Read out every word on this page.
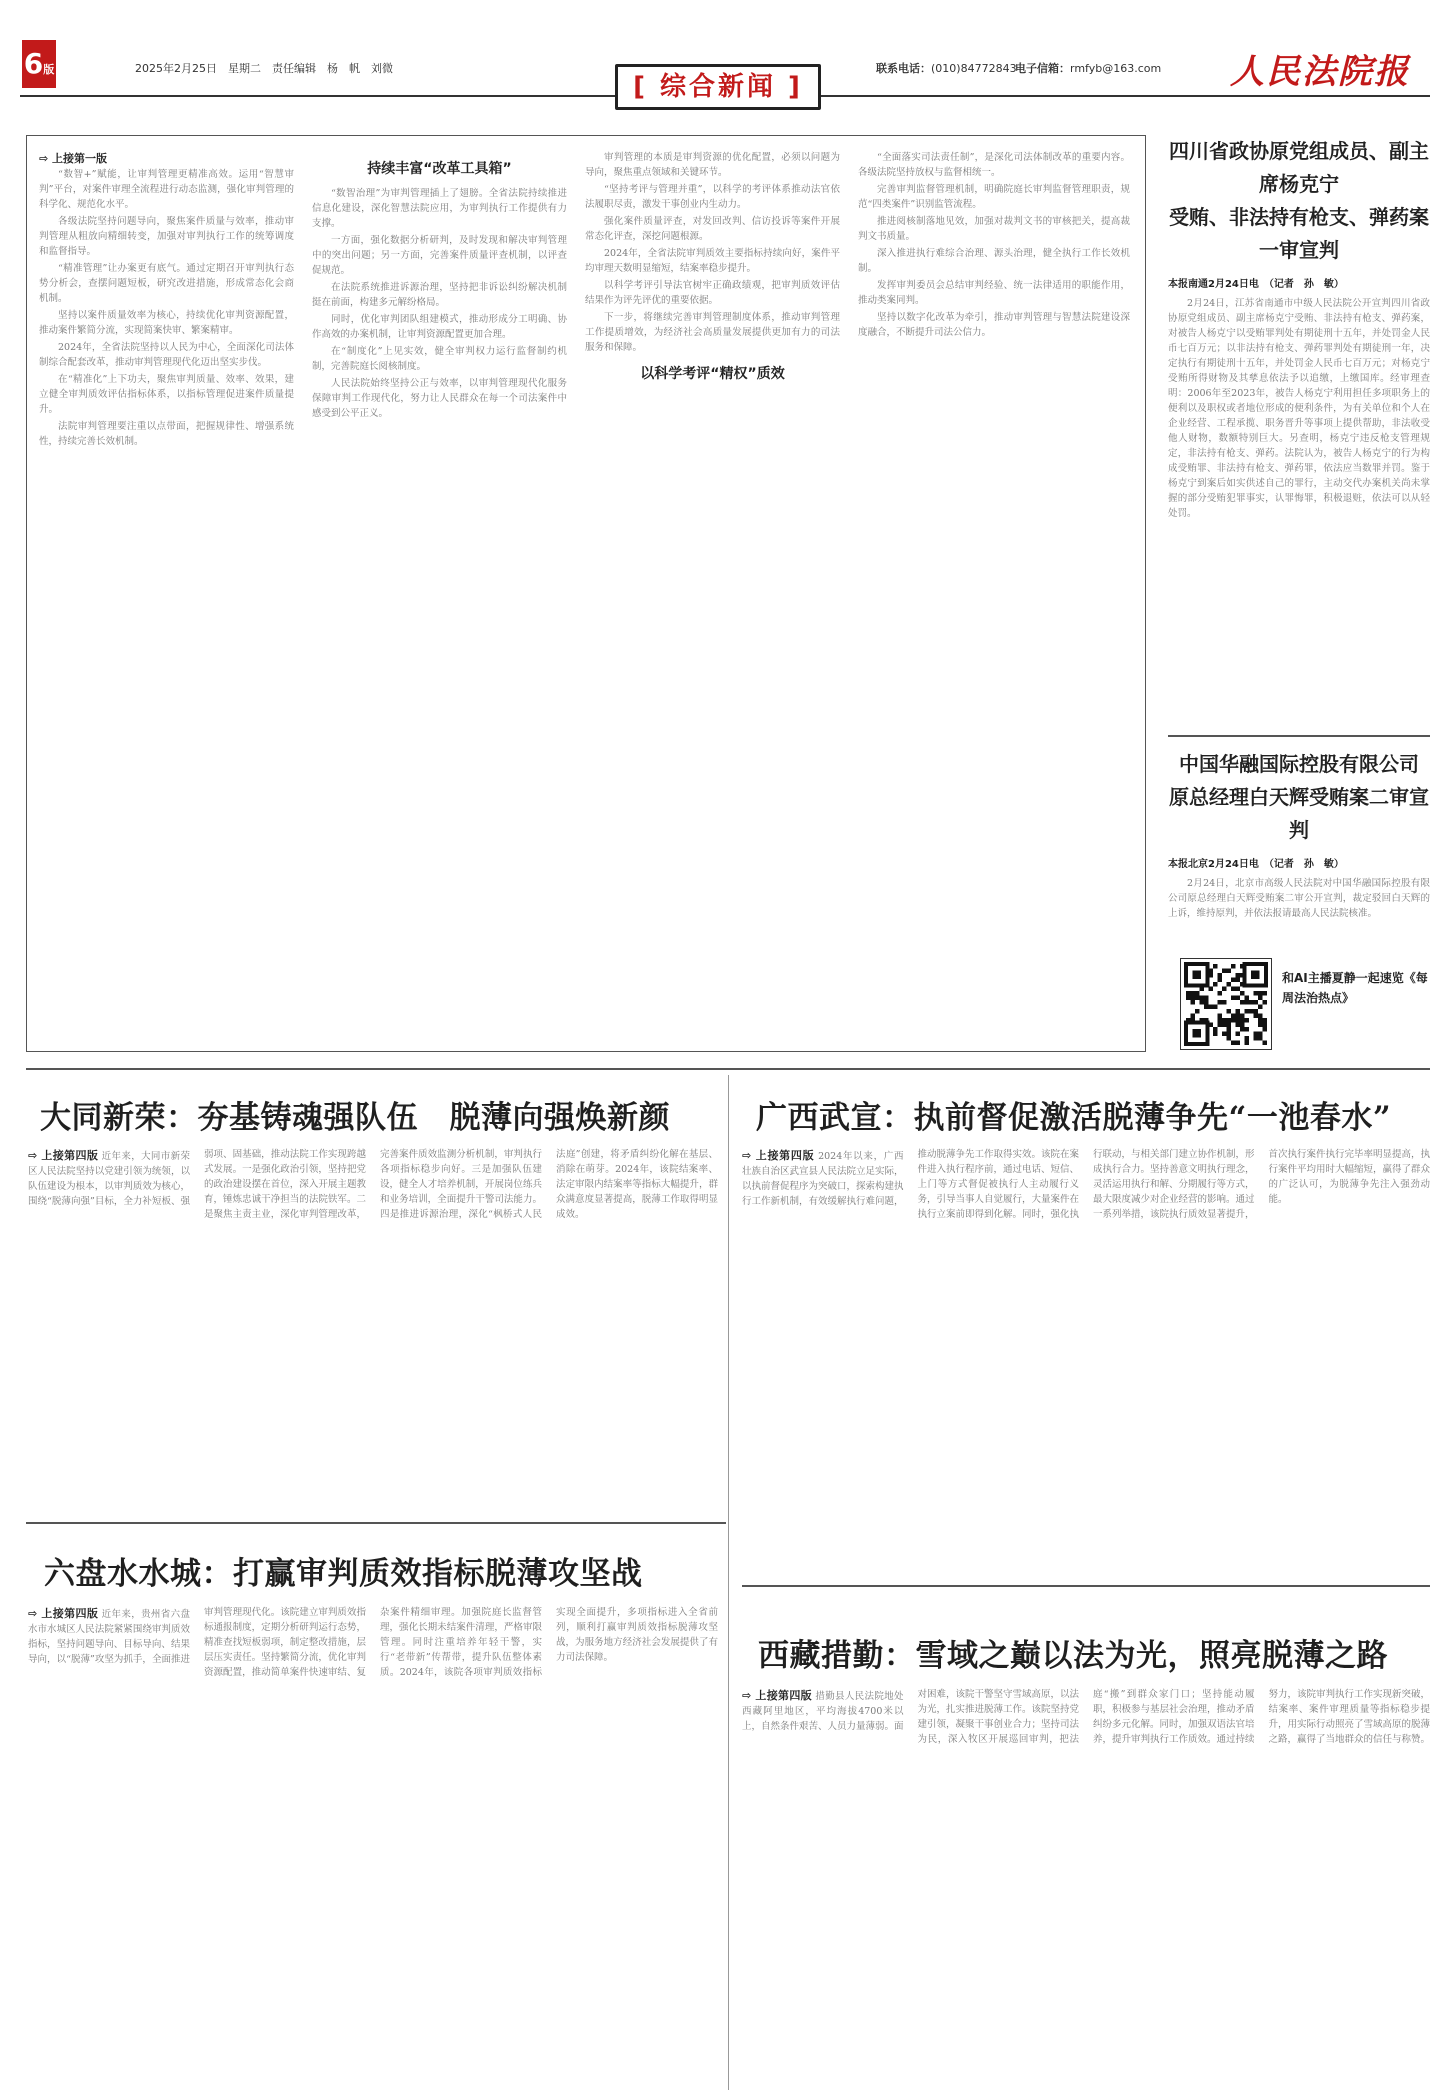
6版	2025年2月25日　星期二　责任编辑　杨　帆　刘微	联系电话：(010)84772843
电子信箱：rmfyb@163.com
[ 综合新闻 ]	人民法院报
⇨ 上接第一版

“数智+”赋能，让审判管理更精准高效。运用“智慧审判”平台，对案件审理全流程进行动态监测，强化审判管理的科学化、规范化水平。

各级法院坚持问题导向，聚焦案件质量与效率，推动审判管理从粗放向精细转变，加强对审判执行工作的统筹调度和监督指导。

“精准管理”让办案更有底气。通过定期召开审判执行态势分析会，查摆问题短板，研究改进措施，形成常态化会商机制。

坚持以案件质量效率为核心，持续优化审判资源配置，推动案件繁简分流，实现简案快审、繁案精审。

2024年，全省法院坚持以人民为中心，全面深化司法体制综合配套改革，推动审判管理现代化迈出坚实步伐。

在“精准化”上下功夫，聚焦审判质量、效率、效果，建立健全审判质效评估指标体系，以指标管理促进案件质量提升。

法院审判管理要注重以点带面，把握规律性、增强系统性，持续完善长效机制。

持续丰富“改革工具箱”

“数智治理”为审判管理插上了翅膀。全省法院持续推进信息化建设，深化智慧法院应用，为审判执行工作提供有力支撑。

一方面，强化数据分析研判，及时发现和解决审判管理中的突出问题；另一方面，完善案件质量评查机制，以评查促规范。

在法院系统推进诉源治理，坚持把非诉讼纠纷解决机制挺在前面，构建多元解纷格局。

同时，优化审判团队组建模式，推动形成分工明确、协作高效的办案机制，让审判资源配置更加合理。

在“制度化”上见实效，健全审判权力运行监督制约机制，完善院庭长阅核制度。

人民法院始终坚持公正与效率，以审判管理现代化服务保障审判工作现代化，努力让人民群众在每一个司法案件中感受到公平正义。

审判管理的本质是审判资源的优化配置，必须以问题为导向，聚焦重点领域和关键环节。

“坚持考评与管理并重”，以科学的考评体系推动法官依法履职尽责，激发干事创业内生动力。

强化案件质量评查，对发回改判、信访投诉等案件开展常态化评查，深挖问题根源。

2024年，全省法院审判质效主要指标持续向好，案件平均审理天数明显缩短，结案率稳步提升。

以科学考评引导法官树牢正确政绩观，把审判质效评估结果作为评先评优的重要依据。

下一步，将继续完善审判管理制度体系，推动审判管理工作提质增效，为经济社会高质量发展提供更加有力的司法服务和保障。

以科学考评“精权”质效

“全面落实司法责任制”，是深化司法体制改革的重要内容。各级法院坚持放权与监督相统一。

完善审判监督管理机制，明确院庭长审判监督管理职责，规范“四类案件”识别监管流程。

推进阅核制落地见效，加强对裁判文书的审核把关，提高裁判文书质量。

深入推进执行难综合治理、源头治理，健全执行工作长效机制。

发挥审判委员会总结审判经验、统一法律适用的职能作用，推动类案同判。

坚持以数字化改革为牵引，推动审判管理与智慧法院建设深度融合，不断提升司法公信力。

四川省政协原党组成员、副主席杨克宁
受贿、非法持有枪支、弹药案一审宣判
本报南通2月24日电　（记者　孙　敏）

2月24日，江苏省南通市中级人民法院公开宣判四川省政协原党组成员、副主席杨克宁受贿、非法持有枪支、弹药案，对被告人杨克宁以受贿罪判处有期徒刑十五年，并处罚金人民币七百万元；以非法持有枪支、弹药罪判处有期徒刑一年，决定执行有期徒刑十五年，并处罚金人民币七百万元；对杨克宁受贿所得财物及其孳息依法予以追缴，上缴国库。经审理查明：2006年至2023年，被告人杨克宁利用担任多项职务上的便利以及职权或者地位形成的便利条件，为有关单位和个人在企业经营、工程承揽、职务晋升等事项上提供帮助，非法收受他人财物，数额特别巨大。另查明，杨克宁违反枪支管理规定，非法持有枪支、弹药。法院认为，被告人杨克宁的行为构成受贿罪、非法持有枪支、弹药罪，依法应当数罪并罚。鉴于杨克宁到案后如实供述自己的罪行，主动交代办案机关尚未掌握的部分受贿犯罪事实，认罪悔罪，积极退赃，依法可以从轻处罚。

中国华融国际控股有限公司
原总经理白天辉受贿案二审宣判
本报北京2月24日电　（记者　孙　敏）

2月24日，北京市高级人民法院对中国华融国际控股有限公司原总经理白天辉受贿案二审公开宣判，裁定驳回白天辉的上诉，维持原判，并依法报请最高人民法院核准。

和AI主播夏静一起速览《每周法治热点》
大同新荣：夯基铸魂强队伍　脱薄向强焕新颜
⇨ 上接第四版 近年来，大同市新荣区人民法院坚持以党建引领为统领，以队伍建设为根本，以审判质效为核心，围绕“脱薄向强”目标，全力补短板、强弱项、固基础，推动法院工作实现跨越式发展。一是强化政治引领，坚持把党的政治建设摆在首位，深入开展主题教育，锤炼忠诚干净担当的法院铁军。二是聚焦主责主业，深化审判管理改革，完善案件质效监测分析机制，审判执行各项指标稳步向好。三是加强队伍建设，健全人才培养机制，开展岗位练兵和业务培训，全面提升干警司法能力。四是推进诉源治理，深化“枫桥式人民法庭”创建，将矛盾纠纷化解在基层、消除在萌芽。2024年，该院结案率、法定审限内结案率等指标大幅提升，群众满意度显著提高，脱薄工作取得明显成效。
广西武宣：执前督促激活脱薄争先“一池春水”
⇨ 上接第四版 2024年以来，广西壮族自治区武宣县人民法院立足实际，以执前督促程序为突破口，探索构建执行工作新机制，有效缓解执行难问题，推动脱薄争先工作取得实效。该院在案件进入执行程序前，通过电话、短信、上门等方式督促被执行人主动履行义务，引导当事人自觉履行，大量案件在执行立案前即得到化解。同时，强化执行联动，与相关部门建立协作机制，形成执行合力。坚持善意文明执行理念，灵活运用执行和解、分期履行等方式，最大限度减少对企业经营的影响。通过一系列举措，该院执行质效显著提升，首次执行案件执行完毕率明显提高，执行案件平均用时大幅缩短，赢得了群众的广泛认可，为脱薄争先注入强劲动能。
六盘水水城：打赢审判质效指标脱薄攻坚战
⇨ 上接第四版 近年来，贵州省六盘水市水城区人民法院紧紧围绕审判质效指标，坚持问题导向、目标导向、结果导向，以“脱薄”攻坚为抓手，全面推进审判管理现代化。该院建立审判质效指标通报制度，定期分析研判运行态势，精准查找短板弱项，制定整改措施，层层压实责任。坚持繁简分流，优化审判资源配置，推动简单案件快速审结、复杂案件精细审理。加强院庭长监督管理，强化长期未结案件清理，严格审限管理。同时注重培养年轻干警，实行“老带新”传帮带，提升队伍整体素质。2024年，该院各项审判质效指标实现全面提升，多项指标进入全省前列，顺利打赢审判质效指标脱薄攻坚战，为服务地方经济社会发展提供了有力司法保障。	西藏措勤：雪域之巅以法为光，照亮脱薄之路
⇨ 上接第四版 措勤县人民法院地处西藏阿里地区，平均海拔4700米以上，自然条件艰苦、人员力量薄弱。面对困难，该院干警坚守雪域高原，以法为光，扎实推进脱薄工作。该院坚持党建引领，凝聚干事创业合力；坚持司法为民，深入牧区开展巡回审判，把法庭“搬”到群众家门口；坚持能动履职，积极参与基层社会治理，推动矛盾纠纷多元化解。同时，加强双语法官培养，提升审判执行工作质效。通过持续努力，该院审判执行工作实现新突破，结案率、案件审理质量等指标稳步提升，用实际行动照亮了雪域高原的脱薄之路，赢得了当地群众的信任与称赞。
